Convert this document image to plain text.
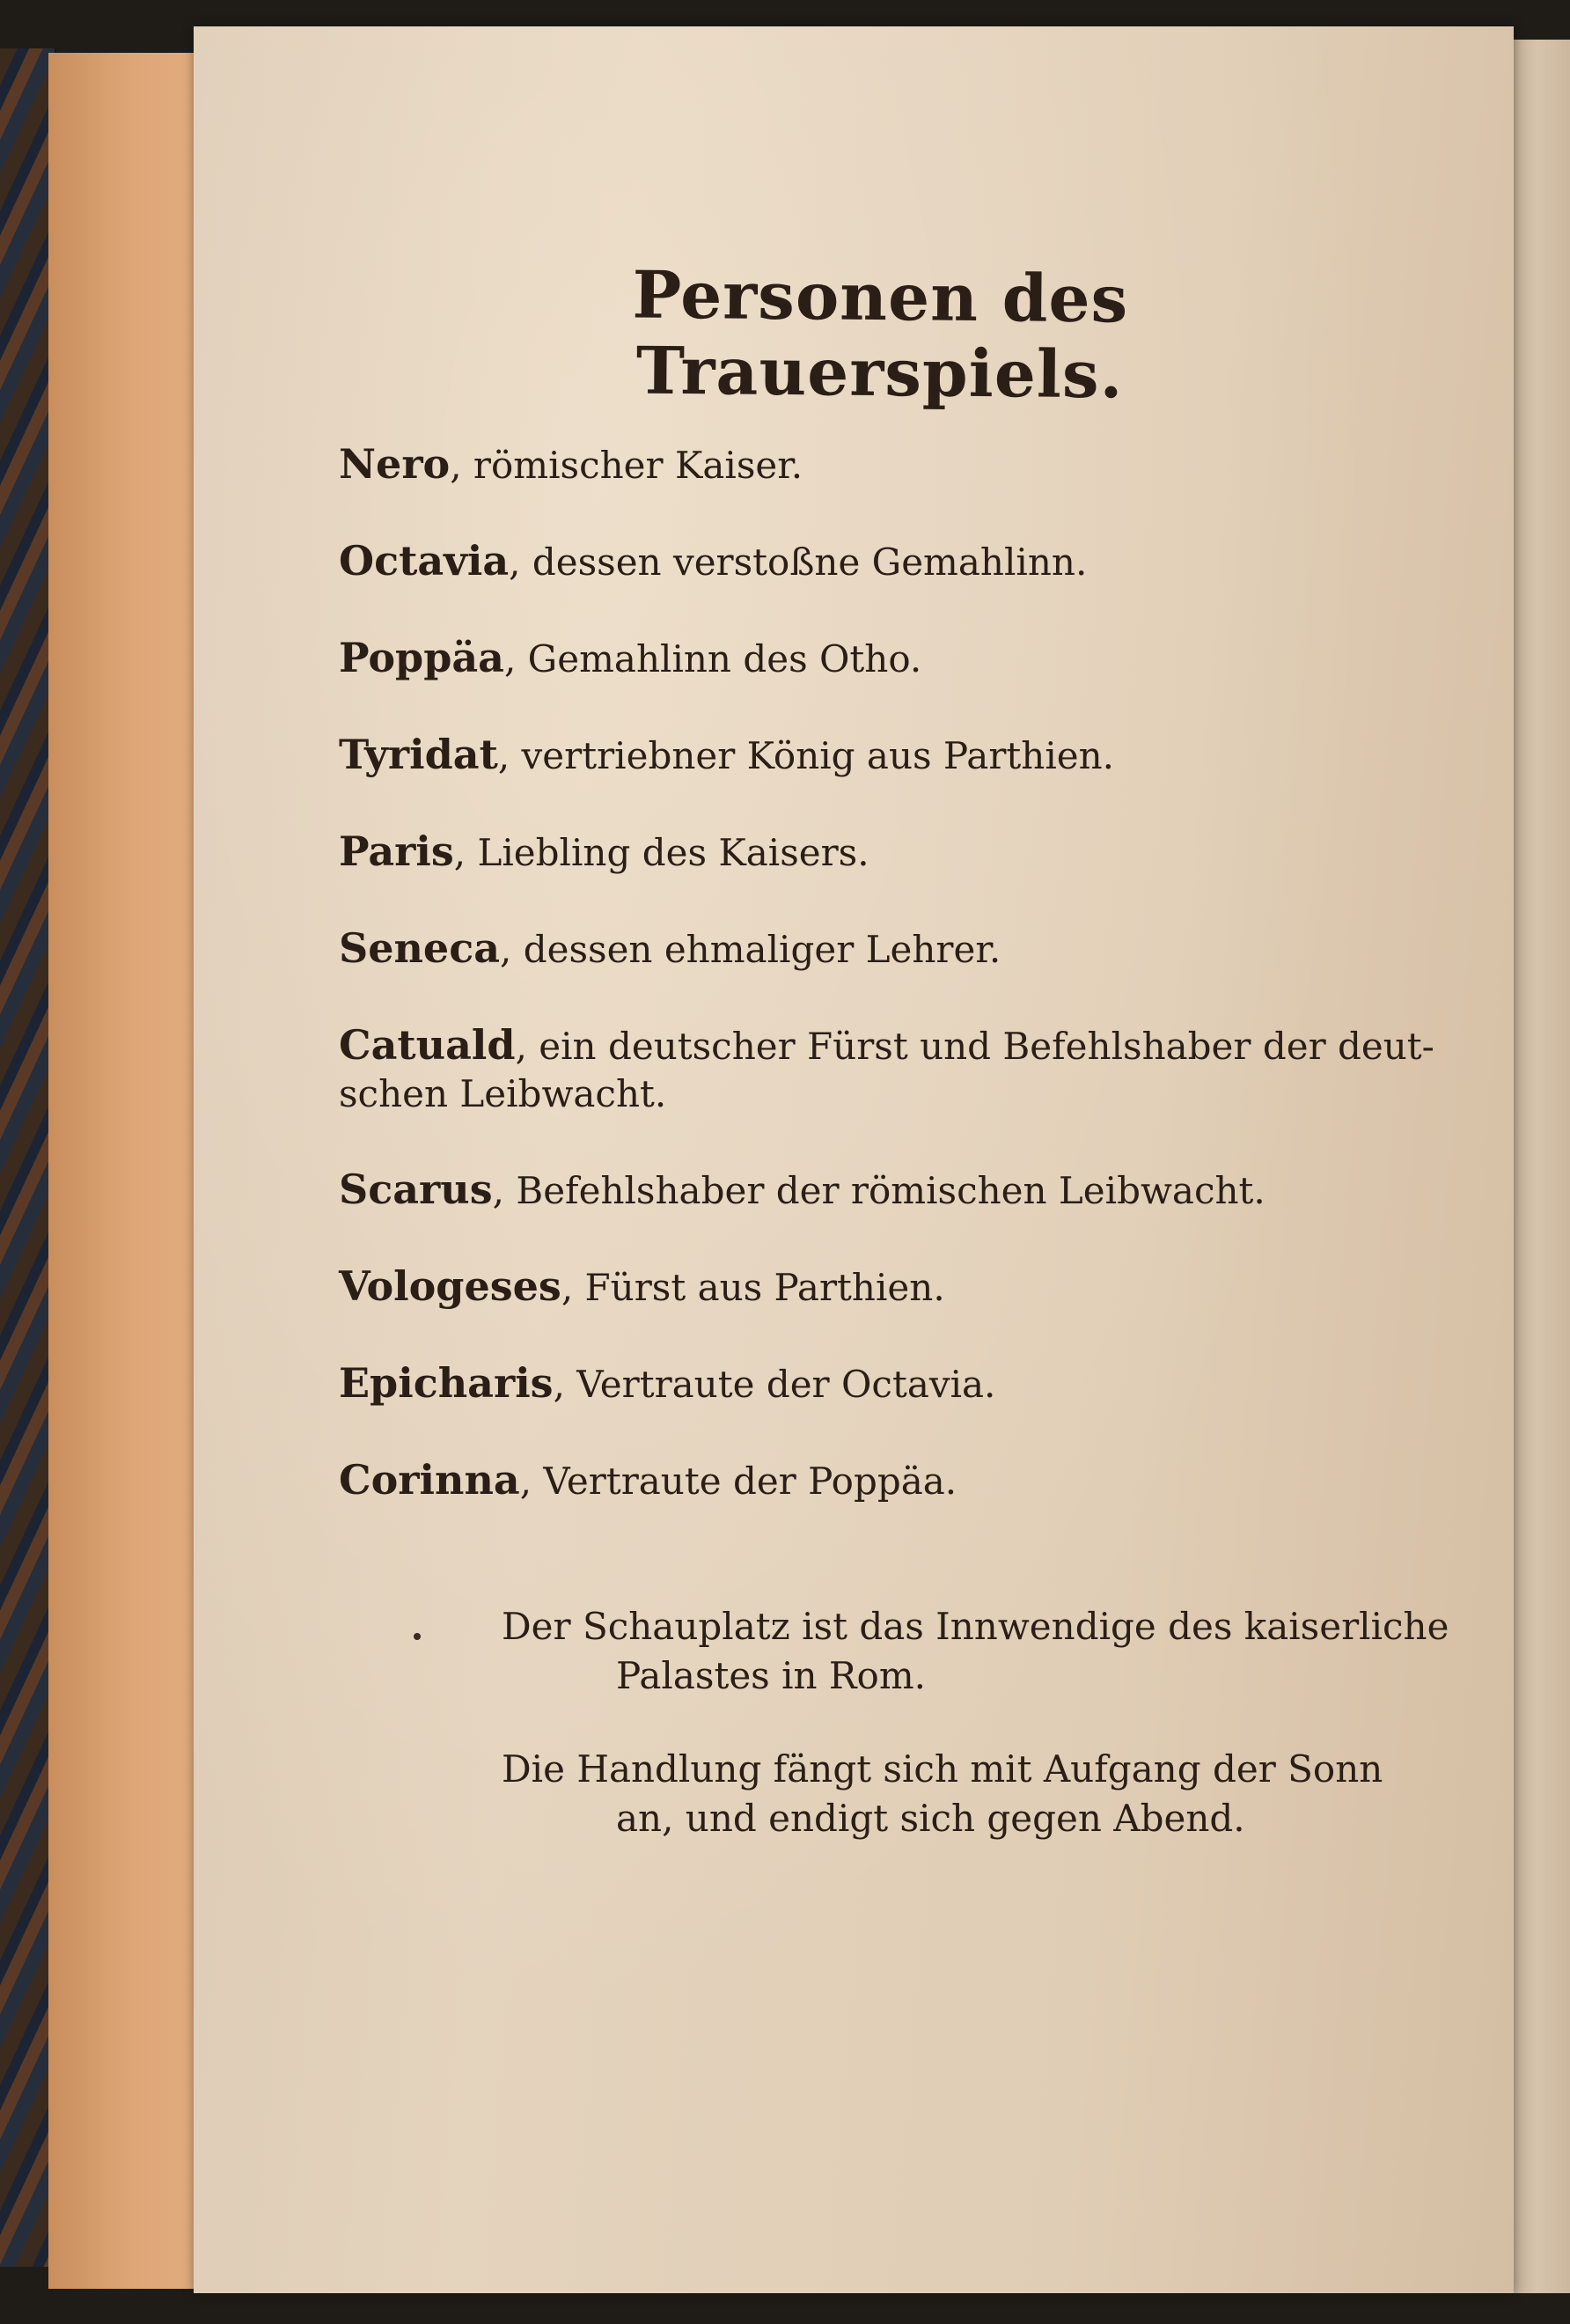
Personen des Trauerspiels.
Nero, römischer Kaiser.
Octavia, dessen verstoßne Gemahlinn.
Poppäa, Gemahlinn des Otho.
Tyridat, vertriebner König aus Parthien.
Paris, Liebling des Kaisers.
Seneca, dessen ehmaliger Lehrer.
Catuald, ein deutscher Fürst und Befehlshaber der deut-
schen Leibwacht.
Scarus, Befehlshaber der römischen Leibwacht.
Vologeses, Fürst aus Parthien.
Epicharis, Vertraute der Octavia.
Corinna, Vertraute der Poppäa.
Der Schauplatz ist das Innwendige des kaiserliche
Palastes in Rom.
Die Handlung fängt sich mit Aufgang der Sonn
an, und endigt sich gegen Abend.
